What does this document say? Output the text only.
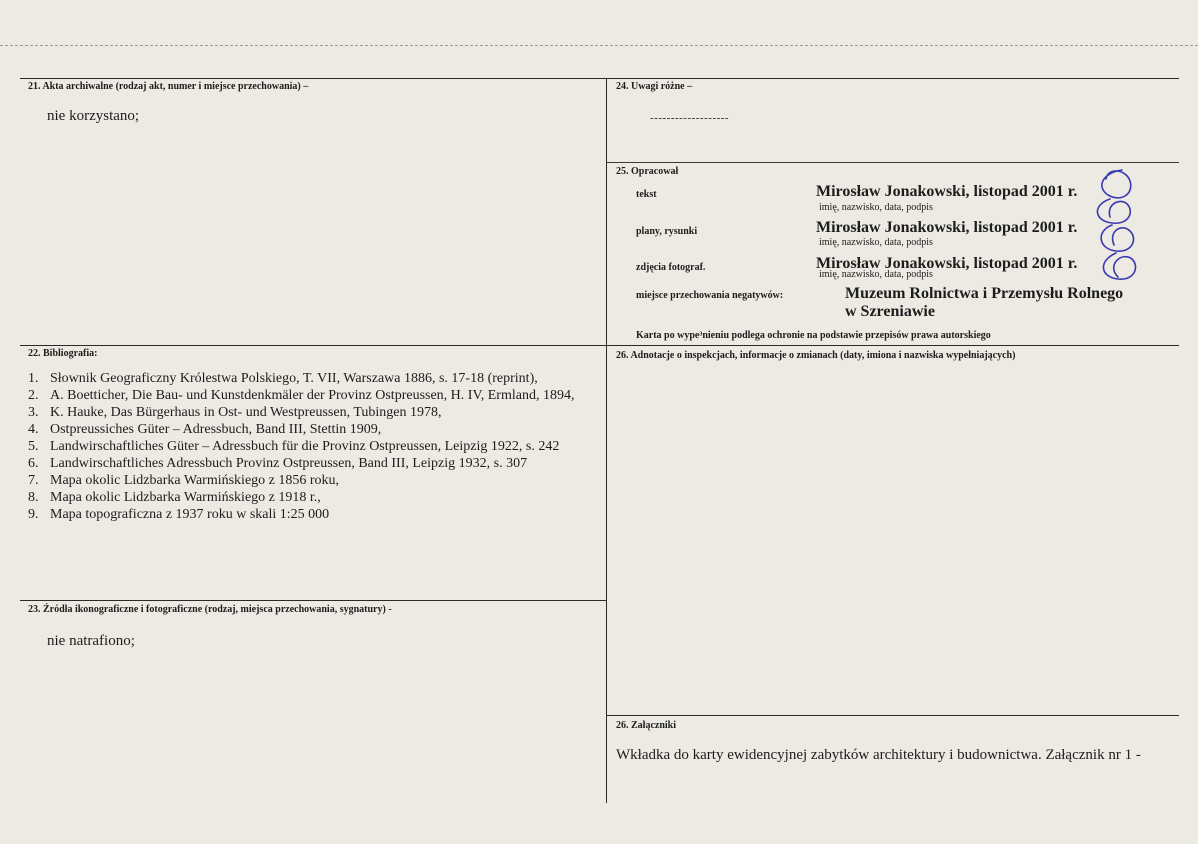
21. Akta archiwalne (rodzaj akt, numer i miejsce przechowania) –
nie korzystano;
24. Uwagi różne –
-------------------
25. Opracował
tekst	Mirosław Jonakowski, listopad 2001 r.
imię, nazwisko, data, podpis
plany, rysunki	Mirosław Jonakowski, listopad 2001 r.
imię, nazwisko, data, podpis
zdjęcia fotograf.	Mirosław Jonakowski, listopad 2001 r.
imię, nazwisko, data, podpis
miejsce przechowania negatywów:	Muzeum Rolnictwa i Przemysłu Rolnego
w Szreniawie
Karta po wype³nieniu podlega ochronie na podstawie przepisów prawa autorskiego
22. Bibliografia:
1. Słownik Geograficzny Królestwa Polskiego, T. VII, Warszawa 1886, s. 17-18 (reprint),
2. A. Boetticher, Die Bau- und Kunstdenkmäler der Provinz Ostpreussen, H. IV, Ermland, 1894,
3. K. Hauke, Das Bürgerhaus in Ost- und Westpreussen, Tubingen 1978,
4. Ostpreussiches Güter – Adressbuch, Band III, Stettin 1909,
5. Landwirschaftliches Güter – Adressbuch für die Provinz Ostpreussen, Leipzig 1922, s. 242
6. Landwirschaftliches Adressbuch Provinz Ostpreussen, Band III, Leipzig 1932, s. 307
7. Mapa okolic Lidzbarka Warmińskiego z 1856 roku,
8. Mapa okolic Lidzbarka Warmińskiego z 1918 r.,
9. Mapa topograficzna z 1937 roku w skali 1:25 000
26. Adnotacje o inspekcjach, informacje o zmianach (daty, imiona i nazwiska wypełniających)
23. Źródła ikonograficzne i fotograficzne (rodzaj, miejsca przechowania, sygnatury) -
nie natrafiono;
26. Załączniki
Wkładka do karty ewidencyjnej zabytków architektury i budownictwa. Załącznik nr 1 -
